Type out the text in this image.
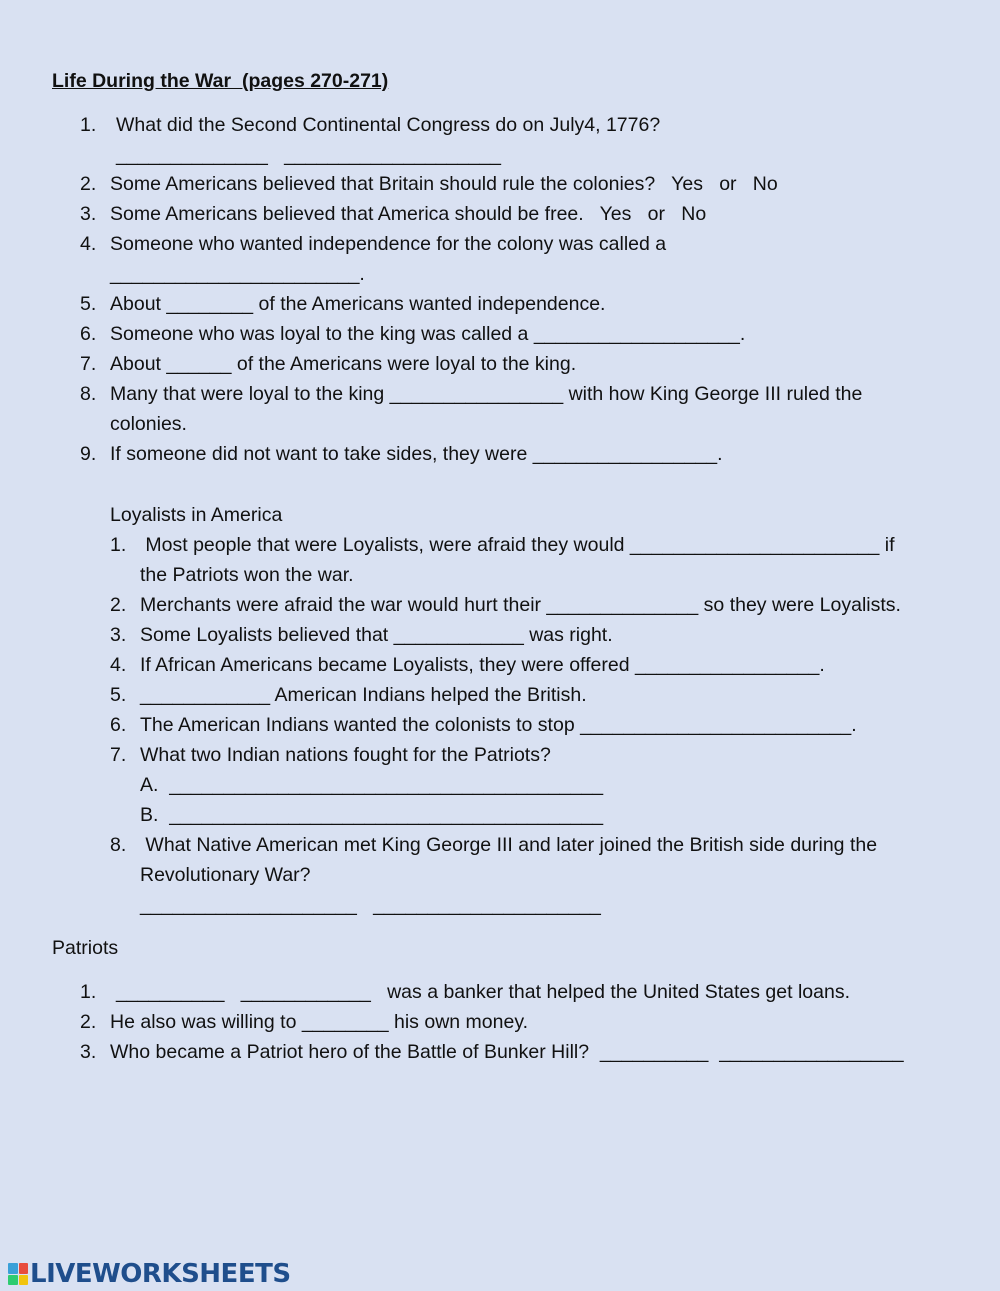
Life During the War  (pages 270-271)
1. What did the Second Continental Congress do on July4, 1776?
______________   ____________________
2. Some Americans believed that Britain should rule the colonies?   Yes   or   No
3. Some Americans believed that America should be free.   Yes   or   No
4. Someone who wanted independence for the colony was called a
_______________________.
5. About ________ of the Americans wanted independence.
6. Someone who was loyal to the king was called a ___________________.
7. About ______ of the Americans were loyal to the king.
8. Many that were loyal to the king ________________ with how King George III ruled the
colonies.
9. If someone did not want to take sides, they were _________________.
Loyalists in America
1. Most people that were Loyalists, were afraid they would _______________________ if
the Patriots won the war.
2. Merchants were afraid the war would hurt their ______________ so they were Loyalists.
3. Some Loyalists believed that ____________ was right.
4. If African Americans became Loyalists, they were offered _________________.
5. ____________ American Indians helped the British.
6. The American Indians wanted the colonists to stop _________________________.
7. What two Indian nations fought for the Patriots?
A.  ________________________________________
B.  ________________________________________
8. What Native American met King George III and later joined the British side during the
Revolutionary War?
____________________   _____________________
Patriots
1. __________   ____________   was a banker that helped the United States get loans.
2. He also was willing to ________ his own money.
3. Who became a Patriot hero of the Battle of Bunker Hill?  __________  _________________
LIVEWORKSHEETS
